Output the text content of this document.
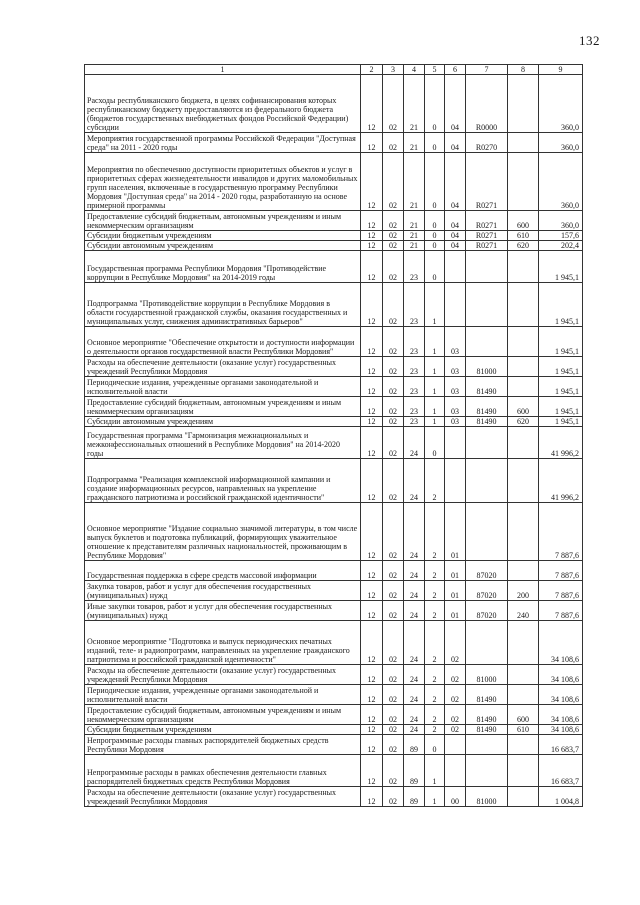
132
1	2	3	4	5	6	7	8	9
Расходы республиканского бюджета, в целях софинансирования которых республиканскому бюджету предоставляются из федерального бюджета (бюджетов государственных внебюджетных фондов Российской Федерации) субсидии	12	02	21	0	04	R0000		360,0
Мероприятия государственной программы Российской Федерации "Доступная среда" на 2011 - 2020 годы	12	02	21	0	04	R0270		360,0
Мероприятия по обеспечению доступности приоритетных объектов и услуг в приоритетных сферах жизнедеятельности инвалидов и других маломобильных групп населения, включенные в государственную программу Республики Мордовия "Доступная среда" на 2014 - 2020 годы, разработанную на основе примерной программы	12	02	21	0	04	R0271		360,0
Предоставление субсидий бюджетным, автономным учреждениям и иным некоммерческим организациям	12	02	21	0	04	R0271	600	360,0
Субсидии бюджетным учреждениям	12	02	21	0	04	R0271	610	157,6
Субсидии автономным учреждениям	12	02	21	0	04	R0271	620	202,4
Государственная программа Республики Мордовия "Противодействие коррупции в Республике Мордовия" на 2014-2019 годы	12	02	23	0				1 945,1
Подпрограмма "Противодействие коррупции в Республике Мордовия в области государственной гражданской службы, оказания государственных и муниципальных услуг, снижения административных барьеров"	12	02	23	1				1 945,1
Основное мероприятие "Обеспечение открытости и доступности информации о деятельности органов государственной власти Республики Мордовия"	12	02	23	1	03			1 945,1
Расходы на обеспечение деятельности (оказание услуг) государственных учреждений Республики Мордовия	12	02	23	1	03	81000		1 945,1
Периодические издания, учрежденные органами законодательной и исполнительной власти	12	02	23	1	03	81490		1 945,1
Предоставление субсидий бюджетным, автономным учреждениям и иным некоммерческим организациям	12	02	23	1	03	81490	600	1 945,1
Субсидии автономным учреждениям	12	02	23	1	03	81490	620	1 945,1
Государственная программа "Гармонизация межнациональных и межконфессиональных отношений в Республике Мордовия" на 2014-2020 годы	12	02	24	0				41 996,2
Подпрограмма "Реализация комплексной информационной кампании и создание информационных ресурсов, направленных на укрепление гражданского патриотизма и российской гражданской идентичности"	12	02	24	2				41 996,2
Основное мероприятие "Издание социально значимой литературы, в том числе выпуск буклетов и подготовка публикаций, формирующих уважительное отношение к представителям различных национальностей, проживающим в Республике Мордовия"	12	02	24	2	01			7 887,6
Государственная поддержка в сфере средств массовой информации	12	02	24	2	01	87020		7 887,6
Закупка товаров, работ и услуг для обеспечения государственных (муниципальных) нужд	12	02	24	2	01	87020	200	7 887,6
Иные закупки товаров, работ и услуг для обеспечения государственных (муниципальных) нужд	12	02	24	2	01	87020	240	7 887,6
Основное мероприятие "Подготовка и выпуск периодических печатных изданий, теле- и радиопрограмм, направленных на укрепление гражданского патриотизма и российской гражданской идентичности"	12	02	24	2	02			34 108,6
Расходы на обеспечение деятельности (оказание услуг) государственных учреждений Республики Мордовия	12	02	24	2	02	81000		34 108,6
Периодические издания, учрежденные органами законодательной и исполнительной власти	12	02	24	2	02	81490		34 108,6
Предоставление субсидий бюджетным, автономным учреждениям и иным некоммерческим организациям	12	02	24	2	02	81490	600	34 108,6
Субсидии бюджетным учреждениям	12	02	24	2	02	81490	610	34 108,6
Непрограммные расходы главных распорядителей бюджетных средств Республики Мордовия	12	02	89	0				16 683,7
Непрограммные расходы в рамках обеспечения деятельности главных распорядителей бюджетных средств Республики Мордовия	12	02	89	1				16 683,7
Расходы на обеспечение деятельности (оказание услуг) государственных учреждений Республики Мордовия	12	02	89	1	00	81000		1 004,8
